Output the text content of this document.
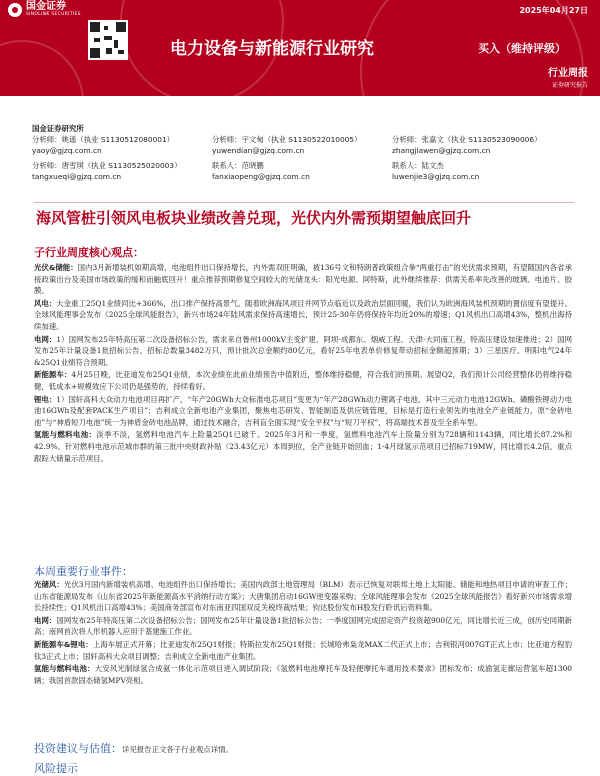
国金证券
SINOLINK SECURITIES	2025年04月27日
电力设备与新能源行业研究	买入（维持评级）
行业周报
证券研究报告
国金证券研究所
分析师：姚遥（执业 S1130512080001）
yaoy@gjzq.com.cn
分析师：宇文甸（执业 S1130522010005）
yuwendian@gjzq.com.cn
分析师：张嘉文（执业 S1130523090006）
zhangjiawen@gjzq.com.cn
分析师：唐雪琪（执业 S1130525020003）
tangxueqi@gjzq.com.cn
联系人：范晓鹏
fanxiaopeng@gjzq.com.cn
联系人：陆文杰
luwenjie3@gjzq.com.cn
海风管桩引领风电板块业绩改善兑现，光伏内外需预期望触底回升
子行业周度核心观点：

光伏&储能：国内3月新增装机如期高增、电池组件出口保持增长，内外需双旺明确，被136号文和特朗普政策组合拳“两重打击”的光伏需求预期，有望随国内各省承接政策出台及美国市场政策的缓和而触底回升！重点推荐预期修复空间较大的光储龙头：阳光电源、阿特斯，此外继续推荐：供需关系率先改善的玻璃、电池片、胶膜。

风电：大金重工25Q1业绩同比+366%，出口排产保持高景气。随着欧洲海风项目并网节点临近以及政治层面回暖，我们认为欧洲海风装机预期的置信度有望提升。全球风能理事会发布《2025全球风能报告》，新兴市场24年陆风需求保持高速增长，预计25-30年仍将保持年均近20%的增速；Q1风机出口高增43%，整机出海持续加速。

电网：1）国网发布25年特高压第二次设备招标公告，需求来自鲁州1000kV主变扩建、阿坝-成都东、烟威工程、天津-大同南工程，特高压建设加速推进；2）国网发布25年计量设备1批招标公告，招标总数量3482万只，预计批次总金额约80亿元，看好25年电表单价修复带动招标金额超预期；3）三星医疗、明阳电气24年&25Q1业绩符合预期。

新能源车：4月25日晚，比亚迪发布25Q1业绩，本次业绩在此前业绩预告中值附近，整体维持稳健，符合我们的预期。展望Q2，我们预计公司经营整体仍将维持稳健，低成本+规模效应下公司仍是强势的，持续看好。

锂电：1）国轩高科大众动力电池项目再扩产，“年产20GWh大众标准电芯项目”变更为“年产28GWh动力锂离子电池，其中三元动力电池12GWh、磷酸铁锂动力电池16GWh及配套PACK生产项目”；吉利成立全新电池产业集团，聚焦电芯研发、智能制造及供应链管理，目标是打造行业领先的电池全产业链能力，原“金砖电池”与“神盾短刀电池”统一为神盾金砖电池品牌，通过技术融合，吉利盲全面实现“安全平权”与“短刀平权”，将高端技术普及至全系车型。

氢能与燃料电池：淡季不淡，氢燃料电池汽车上险量25Q1已破千。2025年3月和一季度，氢燃料电池汽车上险量分别为728辆和1143辆，同比增长87.2%和42.9%。针对燃料电池示范城市群的第三批中央财政补贴（23.43亿元）本周到位，全产业链开始回血；1-4月绿氢示范项目已招标719MW，同比增长4.2倍，重点跟踪大储量示范项目。

本周重要行业事件：

光储风：光伏3月国内新增装机高增、电池组件出口保持增长；美国内政部土地管理局（BLM）表示已恢复对联邦土地上太阳能、储能和地热项目申请的审查工作；山东省能源局发布《山东省2025年新能源高水平消纳行动方案》；大唐集团启动16GW逆变器采购；全球风能理事会发布《2025全球风能报告》看好新兴市场需求增长持续性；Q1风机出口高增43%；美国商务部宣布对东南亚四国双反关税终裁结果；钧达股份发布H股发行聆讯后资料集。

电网：国网发布25年特高压第二次设备招标公告；国网发布25年计量设备1批招标公告；一季度国网完成固定资产投资超900亿元，同比增长近三成，创历史同期新高；南网首次将人形机器人应用于基建施工作业。

新能源车&锂电：上海车展正式开幕；比亚迪发布25Q1财报；特斯拉发布25Q1财报；长城哈弗枭龙MAX二代正式上市；吉利银河007GT正式上市；比亚迪方程豹钛3正式上市；国轩高科大众项目调整；吉利成立全新电池产业集团。

氢能与燃料电池：大安风光制绿氢合成氨一体化示范项目进入调试阶段；《氢燃料电池摩托车及轻便摩托车通用技术要求》团标发布；成渝氢走廊运营氢车超1300辆；我国首款固态储氢MPV亮相。

投资建议与估值：详见报告正文各子行业观点详情。
风险提示
